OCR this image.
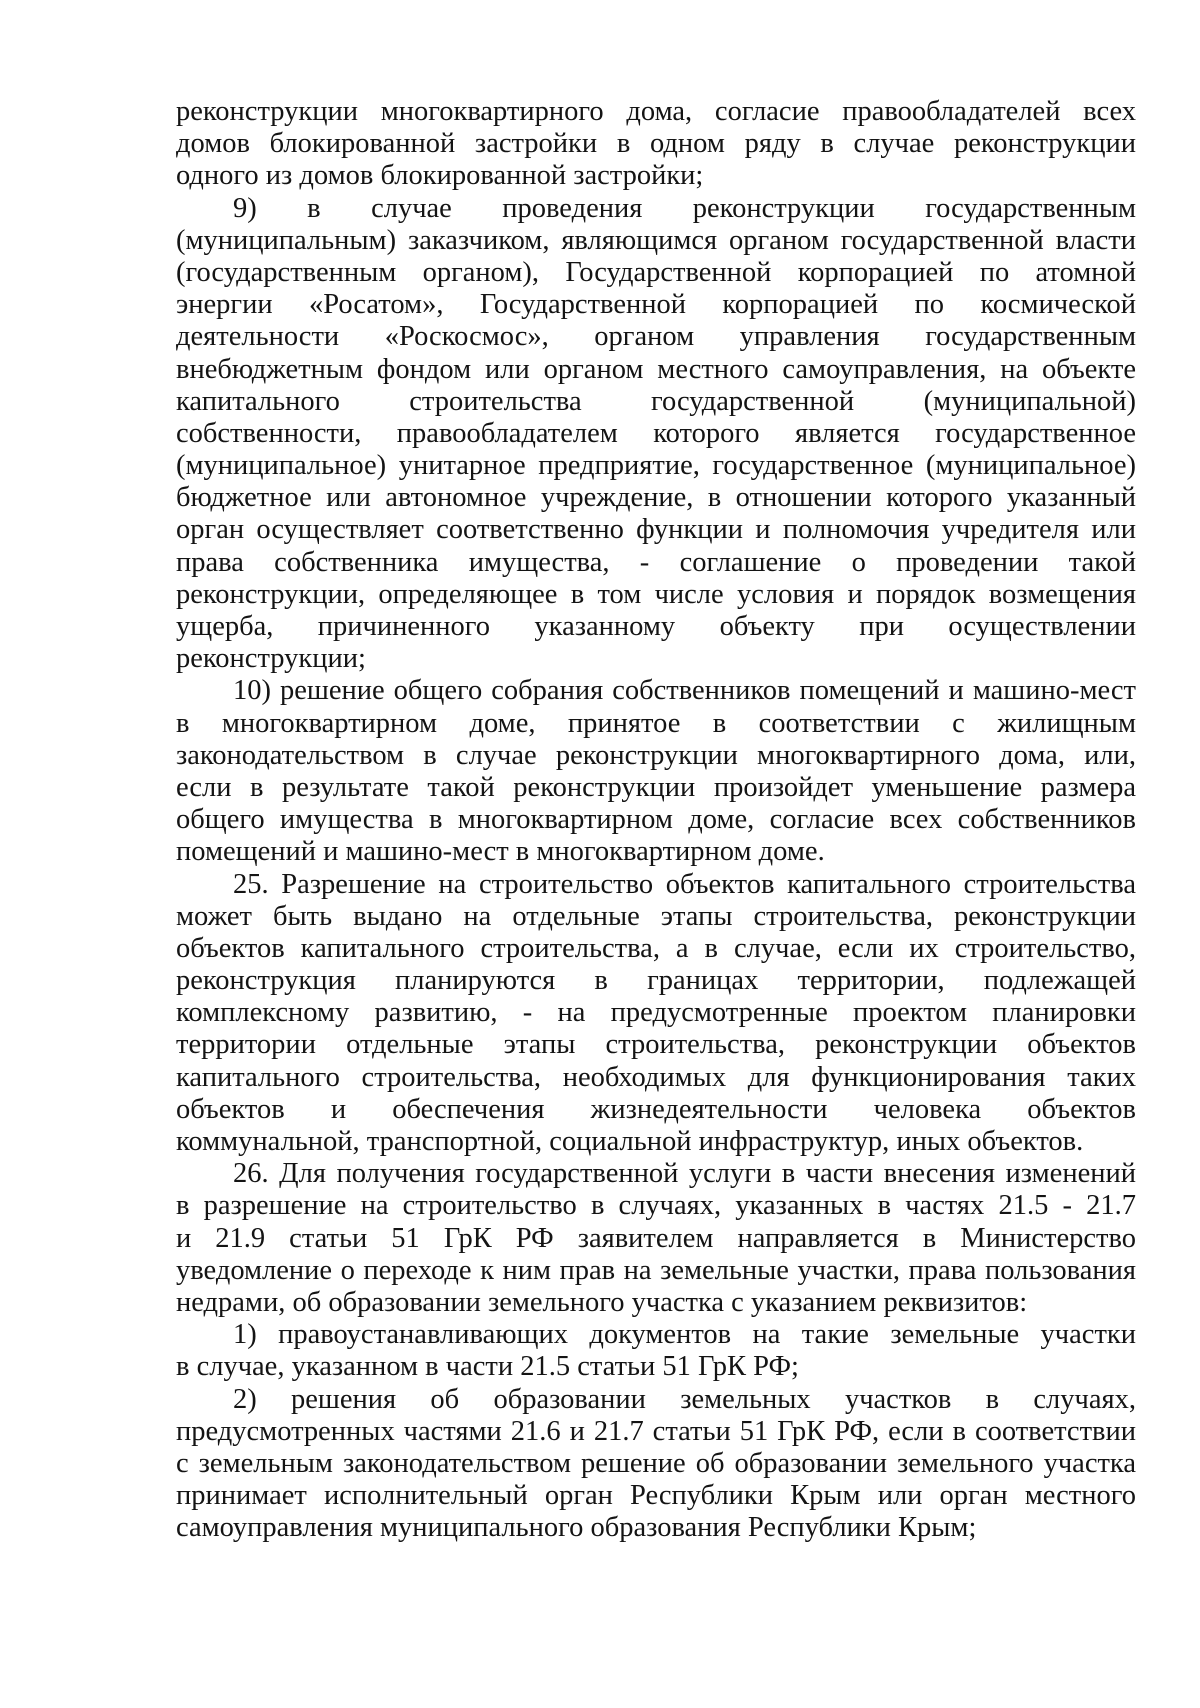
реконструкции многоквартирного дома, согласие правообладателей всех
домов блокированной застройки в одном ряду в случае реконструкции
одного из домов блокированной застройки;
9) в случае проведения реконструкции государственным
(муниципальным) заказчиком, являющимся органом государственной власти
(государственным органом), Государственной корпорацией по атомной
энергии «Росатом», Государственной корпорацией по космической
деятельности «Роскосмос», органом управления государственным
внебюджетным фондом или органом местного самоуправления, на объекте
капитального строительства государственной (муниципальной)
собственности, правообладателем которого является государственное
(муниципальное) унитарное предприятие, государственное (муниципальное)
бюджетное или автономное учреждение, в отношении которого указанный
орган осуществляет соответственно функции и полномочия учредителя или
права собственника имущества, - соглашение о проведении такой
реконструкции, определяющее в том числе условия и порядок возмещения
ущерба, причиненного указанному объекту при осуществлении
реконструкции;
10) решение общего собрания собственников помещений и машино-мест
в многоквартирном доме, принятое в соответствии с жилищным
законодательством в случае реконструкции многоквартирного дома, или,
если в результате такой реконструкции произойдет уменьшение размера
общего имущества в многоквартирном доме, согласие всех собственников
помещений и машино-мест в многоквартирном доме.
25. Разрешение на строительство объектов капитального строительства
может быть выдано на отдельные этапы строительства, реконструкции
объектов капитального строительства, а в случае, если их строительство,
реконструкция планируются в границах территории, подлежащей
комплексному развитию, - на предусмотренные проектом планировки
территории отдельные этапы строительства, реконструкции объектов
капитального строительства, необходимых для функционирования таких
объектов и обеспечения жизнедеятельности человека объектов
коммунальной, транспортной, социальной инфраструктур, иных объектов.
26. Для получения государственной услуги в части внесения изменений
в разрешение на строительство в случаях, указанных в частях 21.5 - 21.7
и 21.9 статьи 51 ГрК РФ заявителем направляется в Министерство
уведомление о переходе к ним прав на земельные участки, права пользования
недрами, об образовании земельного участка с указанием реквизитов:
1) правоустанавливающих документов на такие земельные участки
в случае, указанном в части 21.5 статьи 51 ГрК РФ;
2) решения об образовании земельных участков в случаях,
предусмотренных частями 21.6 и 21.7 статьи 51 ГрК РФ, если в соответствии
с земельным законодательством решение об образовании земельного участка
принимает исполнительный орган Республики Крым или орган местного
самоуправления муниципального образования Республики Крым;
